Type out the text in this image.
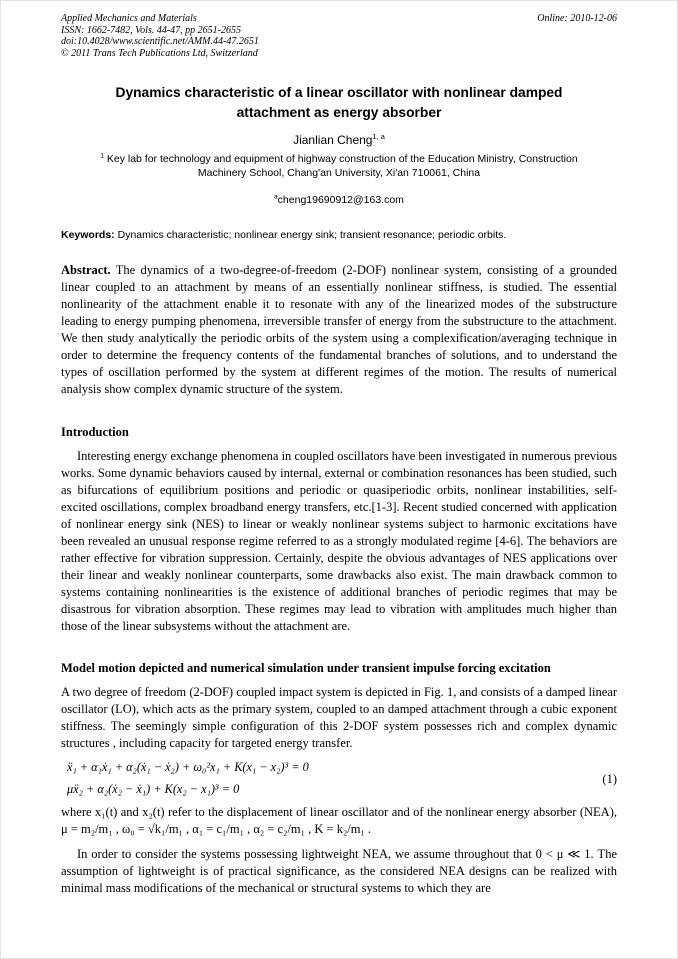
Applied Mechanics and Materials
ISSN: 1662-7482, Vols. 44-47, pp 2651-2655
doi:10.4028/www.scientific.net/AMM.44-47.2651
© 2011 Trans Tech Publications Ltd, Switzerland
Online: 2010-12-06
Dynamics characteristic of a linear oscillator with nonlinear damped attachment as energy absorber
Jianlian Cheng$^{1, a}$
$^1$ Key lab for technology and equipment of highway construction of the Education Ministry, Construction Machinery School, Chang'an University, Xi'an 710061, China
$^a$cheng19690912@163.com

Keywords: Dynamics characteristic; nonlinear energy sink; transient resonance; periodic orbits.

Abstract. The dynamics of a two-degree-of-freedom (2-DOF) nonlinear system, consisting of a grounded linear coupled to an attachment by means of an essentially nonlinear stiffness, is studied. The essential nonlinearity of the attachment enable it to resonate with any of the linearized modes of the substructure leading to energy pumping phenomena, irreversible transfer of energy from the substructure to the attachment. We then study analytically the periodic orbits of the system using a complexification/averaging technique in order to determine the frequency contents of the fundamental branches of solutions, and to understand the types of oscillation performed by the system at different regimes of the motion. The results of numerical analysis show complex dynamic structure of the system.

Introduction

Interesting energy exchange phenomena in coupled oscillators have been investigated in numerous previous works. Some dynamic behaviors caused by internal, external or combination resonances has been studied, such as bifurcations of equilibrium positions and periodic or quasiperiodic orbits, nonlinear instabilities, self-excited oscillations, complex broadband energy transfers, etc.[1-3]. Recent studied concerned with application of nonlinear energy sink (NES) to linear or weakly nonlinear systems subject to harmonic excitations have been revealed an unusual response regime referred to as a strongly modulated regime [4-6]. The behaviors are rather effective for vibration suppression. Certainly, despite the obvious advantages of NES applications over their linear and weakly nonlinear counterparts, some drawbacks also exist. The main drawback common to systems containing nonlinearities is the existence of additional branches of periodic regimes that may be disastrous for vibration absorption. These regimes may lead to vibration with amplitudes much higher than those of the linear subsystems without the attachment are.

Model motion depicted and numerical simulation under transient impulse forcing excitation

A two degree of freedom (2-DOF) coupled impact system is depicted in Fig. 1, and consists of a damped linear oscillator (LO), which acts as the primary system, coupled to an damped attachment through a cubic exponent stiffness. The seemingly simple configuration of this 2-DOF system possesses rich and complex dynamic structures , including capacity for targeted energy transfer.

ẍ₁ + α₁ẋ₁ + α₂(ẋ₁ − ẋ₂) + ω₀²x₁ + K(x₁ − x₂)³ = 0
μẍ₂ + α₂(ẋ₂ − ẋ₁) + K(x₂ − x₁)³ = 0
(1)

where x₁(t) and x₂(t) refer to the displacement of linear oscillator and of the nonlinear energy absorber (NEA), μ = m₂/m₁ , ω₀ = √k₁/m₁ , α₁ = c₁/m₁ , α₂ = c₂/m₁ , K = k₂/m₁ .

In order to consider the systems possessing lightweight NEA, we assume throughout that 0 < μ ≪ 1. The assumption of lightweight is of practical significance, as the considered NEA designs can be realized with minimal mass modifications of the mechanical or structural systems to which they are
